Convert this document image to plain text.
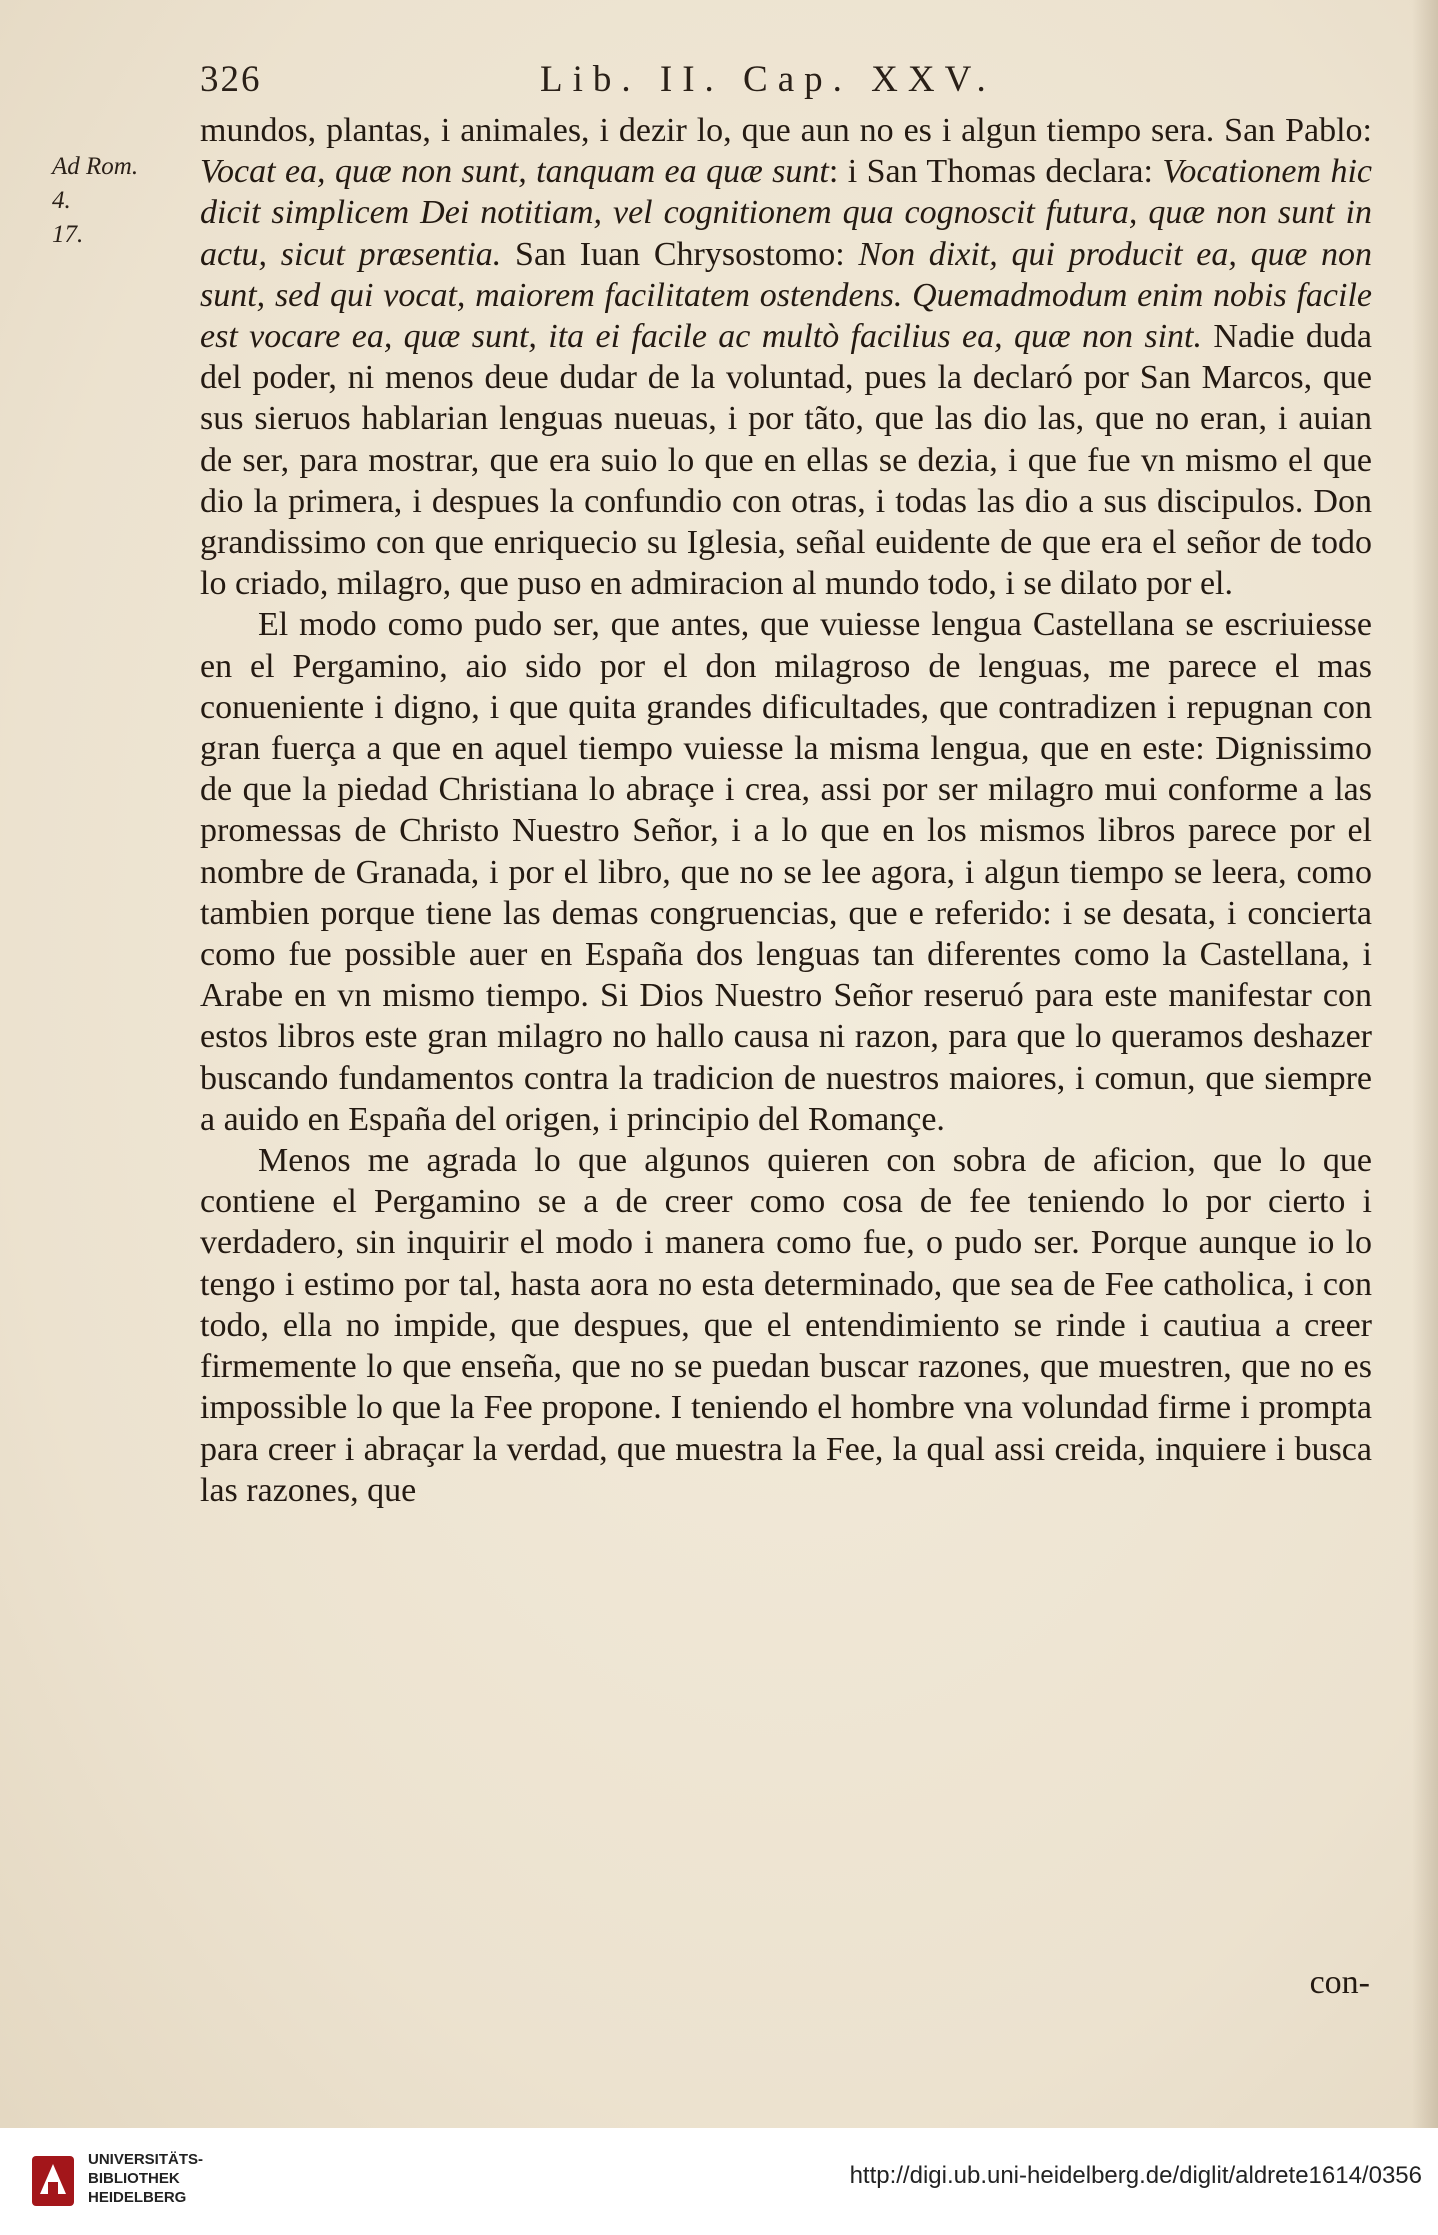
326	Lib. II. Cap. XXV.
Ad Rom. 4.
17.

mundos, plantas, i animales, i dezir lo, que aun no es i algun tiempo sera. San Pablo: Vocat ea, quæ non sunt, tanquam ea quæ sunt: i San Thomas declara: Vocationem hic dicit simplicem Dei notitiam, vel cognitionem qua cognoscit futura, quæ non sunt in actu, sicut præsentia. San Iuan Chrysostomo: Non dixit, qui producit ea, quæ non sunt, sed qui vocat, maiorem facilitatem ostendens. Quemadmodum enim nobis facile est vocare ea, quæ sunt, ita ei facile ac multò facilius ea, quæ non sint. Nadie duda del poder, ni menos deue dudar de la voluntad, pues la declaró por San Marcos, que sus sieruos hablarian lenguas nueuas, i por tãto, que las dio las, que no eran, i auian de ser, para mostrar, que era suio lo que en ellas se dezia, i que fue vn mismo el que dio la primera, i despues la confundio con otras, i todas las dio a sus discipulos. Don grandissimo con que enriquecio su Iglesia, señal euidente de que era el señor de todo lo criado, milagro, que puso en admiracion al mundo todo, i se dilato por el.

El modo como pudo ser, que antes, que vuiesse lengua Castellana se escriuiesse en el Pergamino, aio sido por el don milagroso de lenguas, me parece el mas conueniente i digno, i que quita grandes dificultades, que contradizen i repugnan con gran fuerça a que en aquel tiempo vuiesse la misma lengua, que en este: Dignissimo de que la piedad Christiana lo abraçe i crea, assi por ser milagro mui conforme a las promessas de Christo Nuestro Señor, i a lo que en los mismos libros parece por el nombre de Granada, i por el libro, que no se lee agora, i algun tiempo se leera, como tambien porque tiene las demas congruencias, que e referido: i se desata, i concierta como fue possible auer en España dos lenguas tan diferentes como la Castellana, i Arabe en vn mismo tiempo. Si Dios Nuestro Señor reseruó para este manifestar con estos libros este gran milagro no hallo causa ni razon, para que lo queramos deshazer buscando fundamentos contra la tradicion de nuestros maiores, i comun, que siempre a auido en España del origen, i principio del Romançe.

Menos me agrada lo que algunos quieren con sobra de aficion, que lo que contiene el Pergamino se a de creer como cosa de fee teniendo lo por cierto i verdadero, sin inquirir el modo i manera como fue, o pudo ser. Porque aunque io lo tengo i estimo por tal, hasta aora no esta determinado, que sea de Fee catholica, i con todo, ella no impide, que despues, que el entendimiento se rinde i cautiua a creer firmemente lo que enseña, que no se puedan buscar razones, que muestren, que no es impossible lo que la Fee propone. I teniendo el hombre vna volundad firme i prompta para creer i abraçar la verdad, que muestra la Fee, la qual assi creida, inquiere i busca las razones, que

con-
UNIVERSITÄTS-
BIBLIOTHEK
HEIDELBERG
http://digi.ub.uni-heidelberg.de/diglit/aldrete1614/0356
